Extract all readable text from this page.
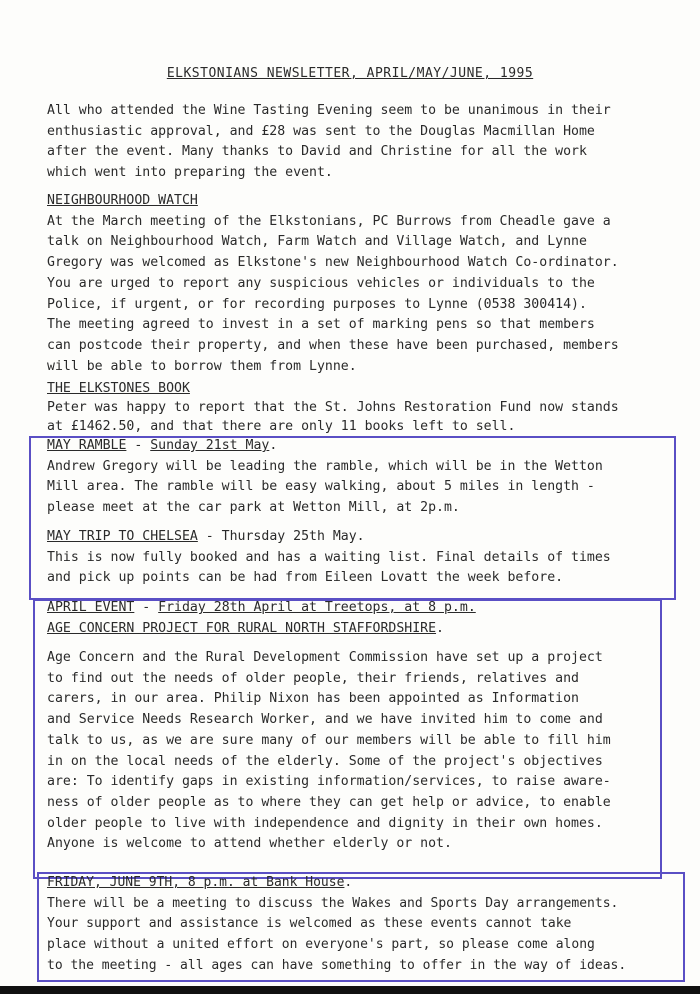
ELKSTONIANS NEWSLETTER, APRIL/MAY/JUNE, 1995
All who attended the Wine Tasting Evening seem to be unanimous in their
enthusiastic approval, and £28 was sent to the Douglas Macmillan Home
after the event. Many thanks to David and Christine for all the work
which went into preparing the event.
NEIGHBOURHOOD WATCH
At the March meeting of the Elkstonians, PC Burrows from Cheadle gave a
talk on Neighbourhood Watch, Farm Watch and Village Watch, and Lynne
Gregory was welcomed as Elkstone's new Neighbourhood Watch Co-ordinator.
You are urged to report any suspicious vehicles or individuals to the
Police, if urgent, or for recording purposes to Lynne (0538 300414).
The meeting agreed to invest in a set of marking pens so that members
can postcode their property, and when these have been purchased, members
will be able to borrow them from Lynne.
THE ELKSTONES BOOK
Peter was happy to report that the St. Johns Restoration Fund now stands
at £1462.50, and that there are only 11 books left to sell.
MAY RAMBLE - Sunday 21st May.
Andrew Gregory will be leading the ramble, which will be in the Wetton
Mill area. The ramble will be easy walking, about 5 miles in length -
please meet at the car park at Wetton Mill, at 2p.m.
MAY TRIP TO CHELSEA - Thursday 25th May.
This is now fully booked and has a waiting list. Final details of times
and pick up points can be had from Eileen Lovatt the week before.
APRIL EVENT - Friday 28th April at Treetops, at 8 p.m.
AGE CONCERN PROJECT FOR RURAL NORTH STAFFORDSHIRE.
Age Concern and the Rural Development Commission have set up a project
to find out the needs of older people, their friends, relatives and
carers, in our area. Philip Nixon has been appointed as Information
and Service Needs Research Worker, and we have invited him to come and
talk to us, as we are sure many of our members will be able to fill him
in on the local needs of the elderly. Some of the project's objectives
are: To identify gaps in existing information/services, to raise aware-
ness of older people as to where they can get help or advice, to enable
older people to live with independence and dignity in their own homes.
Anyone is welcome to attend whether elderly or not.
FRIDAY, JUNE 9TH, 8 p.m. at Bank House.
There will be a meeting to discuss the Wakes and Sports Day arrangements.
Your support and assistance is welcomed as these events cannot take
place without a united effort on everyone's part, so please come along
to the meeting - all ages can have something to offer in the way of ideas.
